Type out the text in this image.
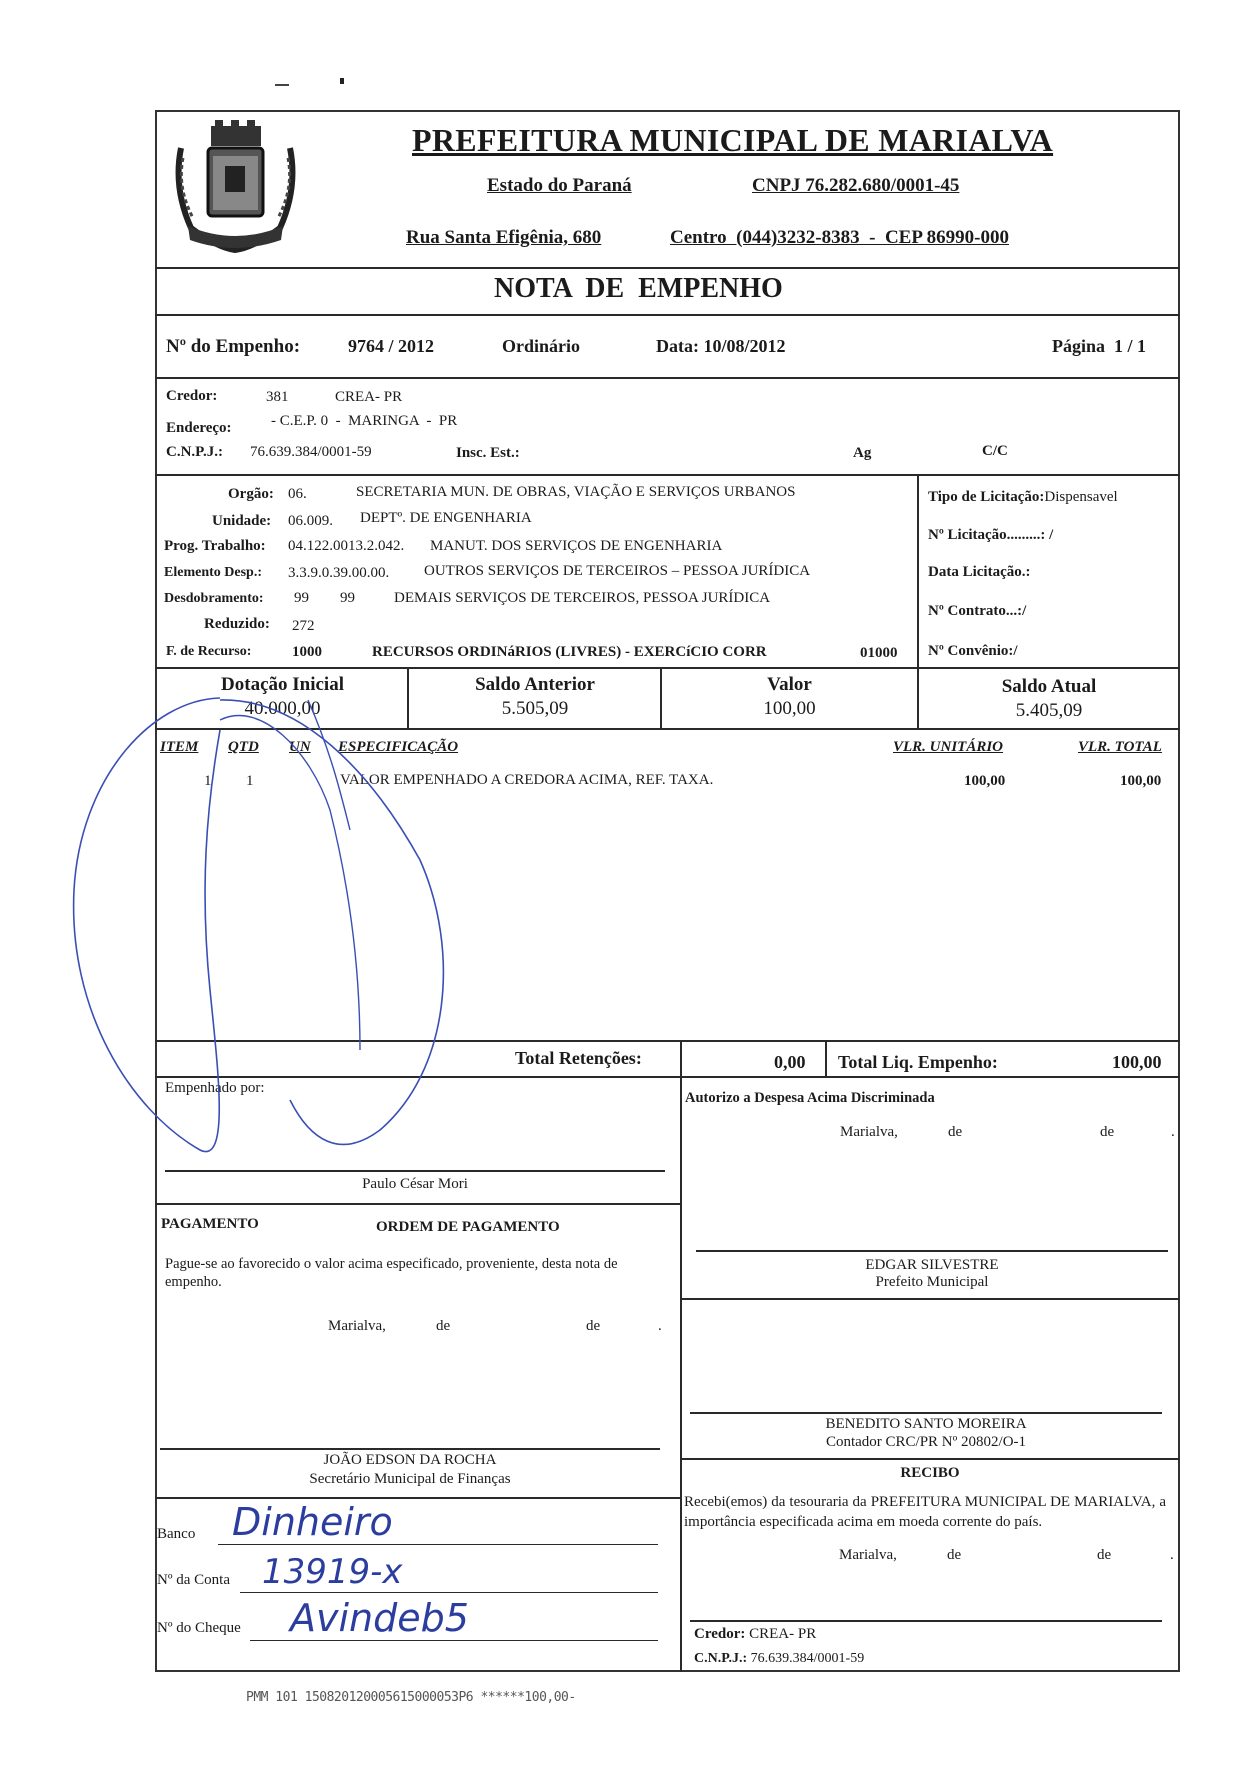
PREFEITURA MUNICIPAL DE MARIALVA
Estado do Paraná	CNPJ 76.282.680/0001-45
Rua Santa Efigênia, 680	Centro  (044)3232-8383  -  CEP 86990-000
NOTA  DE  EMPENHO
Nº do Empenho:	9764 / 2012	Ordinário	Data: 10/08/2012	Página  1 / 1
Credor:	381	CREA- PR
Endereço:	- C.E.P. 0  -  MARINGA  -  PR
C.N.P.J.: 76.639.384/0001-59	Insc. Est.:	Ag	C/C
Orgão: 06.	SECRETARIA MUN. DE OBRAS, VIAÇÃO E SERVIÇOS URBANOS
Unidade: 06.009. DEPTº. DE ENGENHARIA
Prog. Trabalho: 04.122.0013.2.042. MANUT. DOS SERVIÇOS DE ENGENHARIA
Elemento Desp.: 3.3.9.0.39.00.00. OUTROS SERVIÇOS DE TERCEIROS – PESSOA JURÍDICA
Desdobramento: 99 99	DEMAIS SERVIÇOS DE TERCEIROS, PESSOA JURÍDICA
Reduzido: 272
F. de Recurso:	1000	RECURSOS ORDINáRIOS (LIVRES) - EXERCíCIO CORR	01000
Tipo de Licitação:Dispensavel
Nº Licitação.........: /
Data Licitação.:
Nº Contrato...:/
Nº Convênio:/
Dotação Inicial
40.000,00
Saldo Anterior
5.505,09
Valor
100,00
Saldo Atual
5.405,09
ITEM QTD UN ESPECIFICAÇÃO	VLR. UNITÁRIO	VLR. TOTAL
1 1	VALOR EMPENHADO A CREDORA ACIMA, REF. TAXA.	100,00	100,00
Total Retenções:	0,00 Total Liq. Empenho:	100,00
Empenhado por:
Paulo César Mori
PAGAMENTO	ORDEM DE PAGAMENTO
Pague-se ao favorecido o valor acima especificado, proveniente, desta nota de empenho.
Marialva,	de	de	.
JOÃO EDSON DA ROCHA
Secretário Municipal de Finanças
Banco Dinheiro
Nº da Conta 13919-x
Nº do Cheque Avindeb5
Autorizo a Despesa Acima Discriminada
Marialva,	de	de	.
EDGAR SILVESTRE
Prefeito Municipal
BENEDITO SANTO MOREIRA
Contador CRC/PR Nº 20802/O-1
RECIBO
Recebi(emos) da tesouraria da PREFEITURA MUNICIPAL DE MARIALVA, a importância especificada acima em moeda corrente do país.
Marialva,	de	de	.
Credor: CREA- PR
C.N.P.J.: 76.639.384/0001-59
PMM 101 150820120005615000053P6 ******100,00-
